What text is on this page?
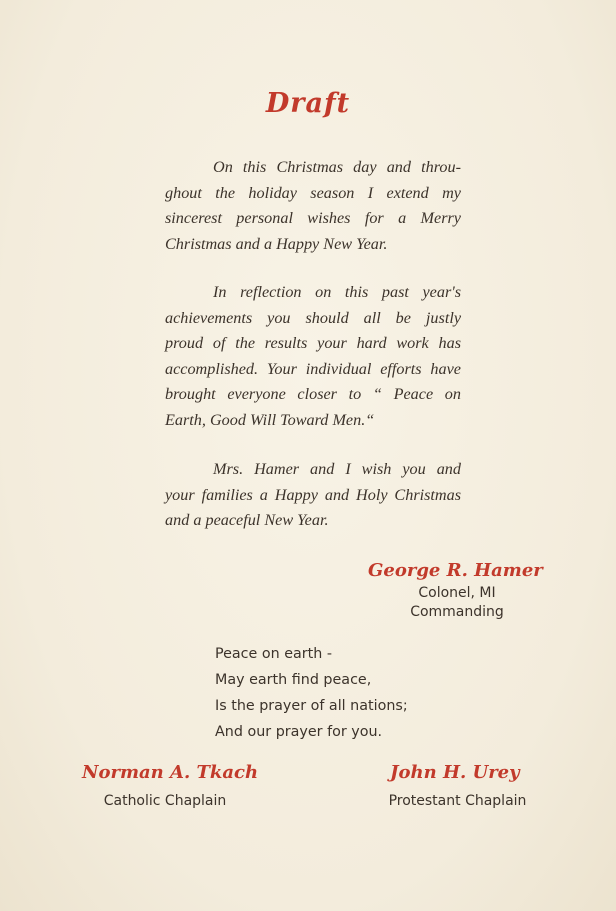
Draft
On this Christmas day and throu-
ghout the holiday season I extend my
sincerest personal wishes for a Merry
Christmas and a Happy New Year.
In reflection on this past year's
achievements you should all be justly
proud of the results your hard work has
accomplished. Your individual efforts have
brought everyone closer to “ Peace on
Earth, Good Will Toward Men.“
Mrs. Hamer and I wish you and
your families a Happy and Holy Christmas
and a peaceful New Year.
George R. Hamer
Colonel, MI
Commanding
Peace on earth -
May earth find peace,
Is the prayer of all nations;
And our prayer for you.
Norman A. Tkach
Catholic Chaplain
John H. Urey
Protestant Chaplain
